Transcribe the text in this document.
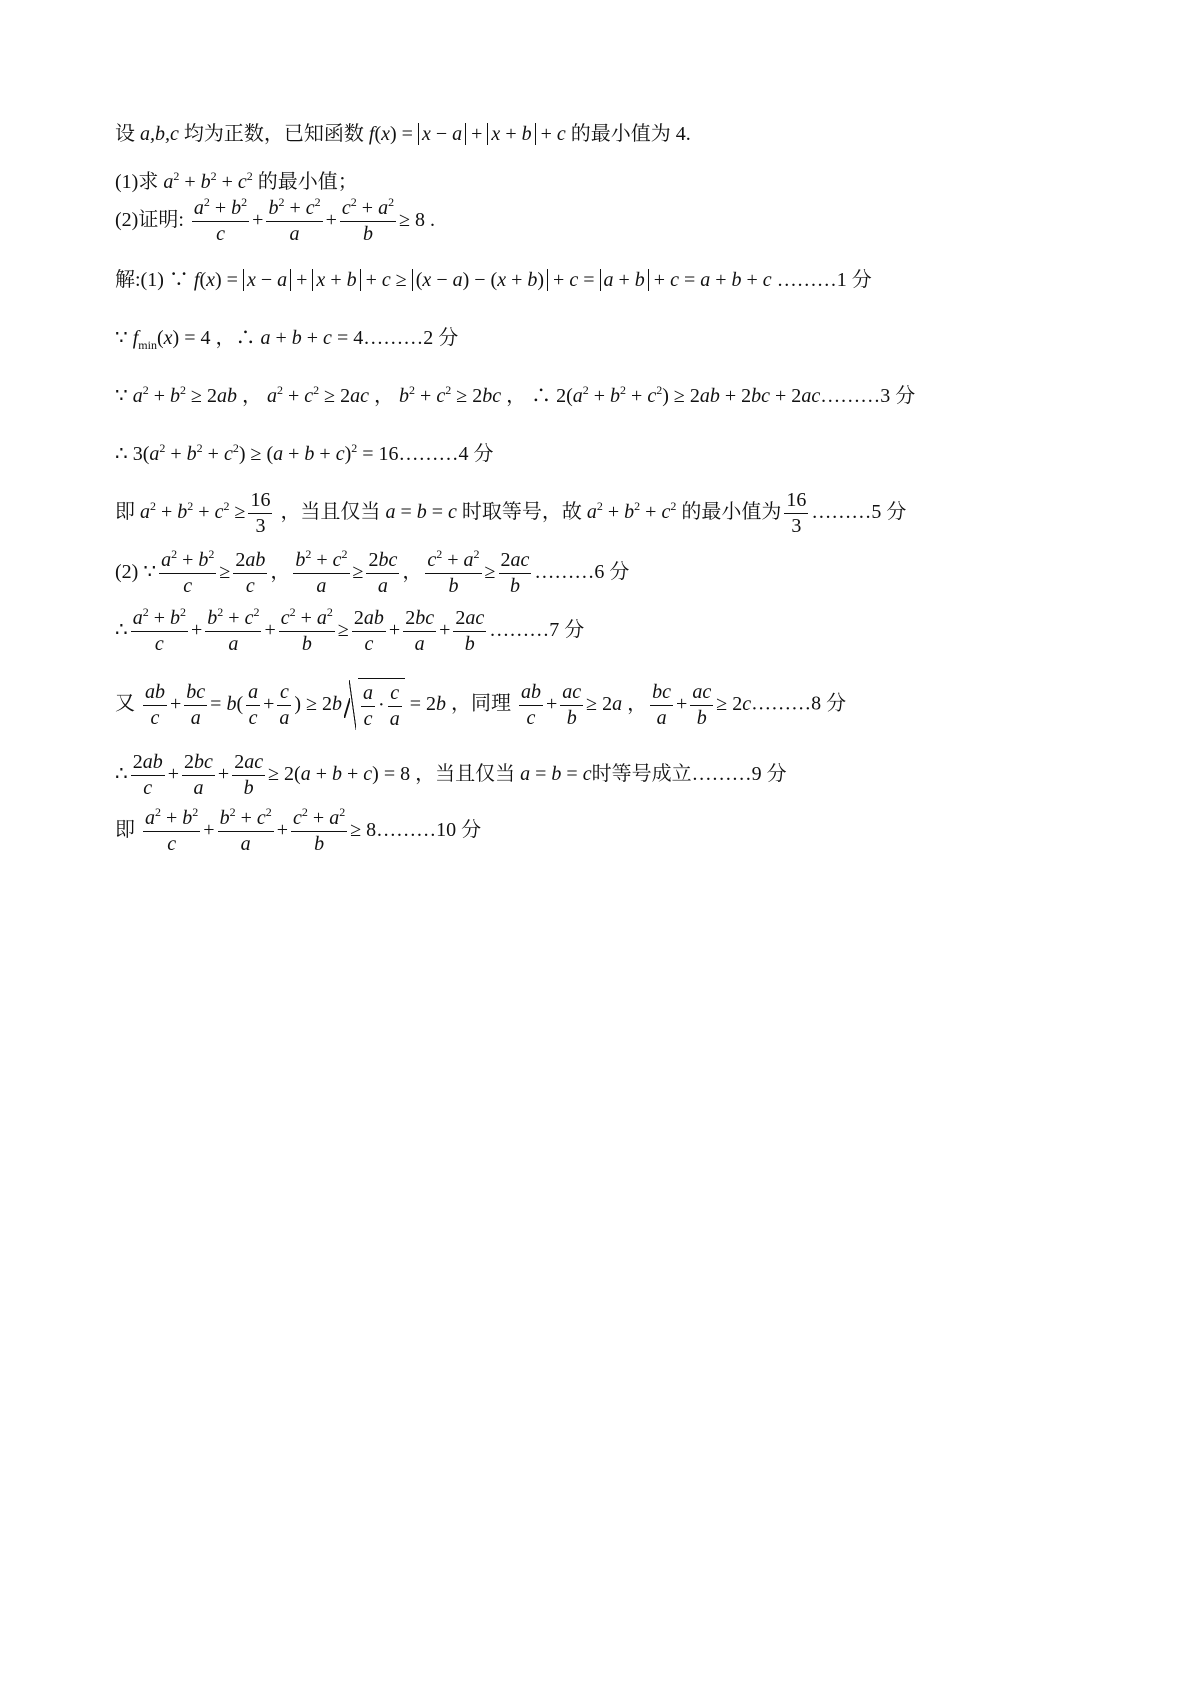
设 a,b,c 均为正数，已知函数 f(x) = x − a + x + b + c 的最小值为 4.
(1)求 $a^2 + b^2 + c^2$ 的最小值；
(2)证明: $\frac{a^2 + b^2}{c} + \frac{b^2 + c^2}{a} + \frac{c^2 + a^2}{b} \ge 8$ .
解:(1) ∵ f(x) = x − a + x + b + c ≥ (x − a) − (x + b) + c = a + b + c = a + b + c ………1 分
∵ $f_{min}(x) = 4$ ，∴ a + b + c = 4………2 分
∵ $a^2 + b^2 \ge 2ab$ ， $a^2 + c^2 \ge 2ac$ ， $b^2 + c^2 \ge 2bc$ ， ∴ $2(a^2 + b^2 + c^2) \ge 2ab + 2bc$ + 2ac………3 分
∴ $3(a^2 + b^2 + c^2) \ge (a + b + c)^2$ = 16………4 分
即 $a^2 + b^2 + c^2 \ge \frac{16}{3}$ ，当且仅当 a = b = c 时取等号，故 $a^2 + b^2 + c^2$ 的最小值为 $\frac{16}{3}$ ………5 分
(2) ∵ $\frac{a^2 + b^2}{c} \ge \frac{2ab}{c}$ ， $\frac{b^2 + c^2}{a} \ge \frac{2bc}{a}$ ， $\frac{c^2 + a^2}{b} \ge \frac{2ac}{b}$ ………6 分
∴ $\frac{a^2 + b^2}{c} + \frac{b^2 + c^2}{a} + \frac{c^2 + a^2}{b} \ge \frac{2ab}{c} + \frac{2bc}{a} + \frac{2ac}{b}$ ………7 分
又 $\frac{ab}{c} + \frac{bc}{a} = b( \frac{a}{c} + \frac{c}{a}$ ) ≥ $2b \frac{a}{c} \cdot \frac{c}{a} = 2b$ ，同理 $\frac{ab}{c} + \frac{ac}{b} \ge 2a$ ， $\frac{bc}{a} + \frac{ac}{b}$ ≥ 2c………8 分
∴ $\frac{2ab}{c} + \frac{2bc}{a} + \frac{2ac}{b} \ge 2(a + b + c) = 8$ ，当且仅当 a = b = c时等号成立………9 分
即 $\frac{a^2 + b^2}{c} + \frac{b^2 + c^2}{a} + \frac{c^2 + a^2}{b}$ ≥ 8………10 分
